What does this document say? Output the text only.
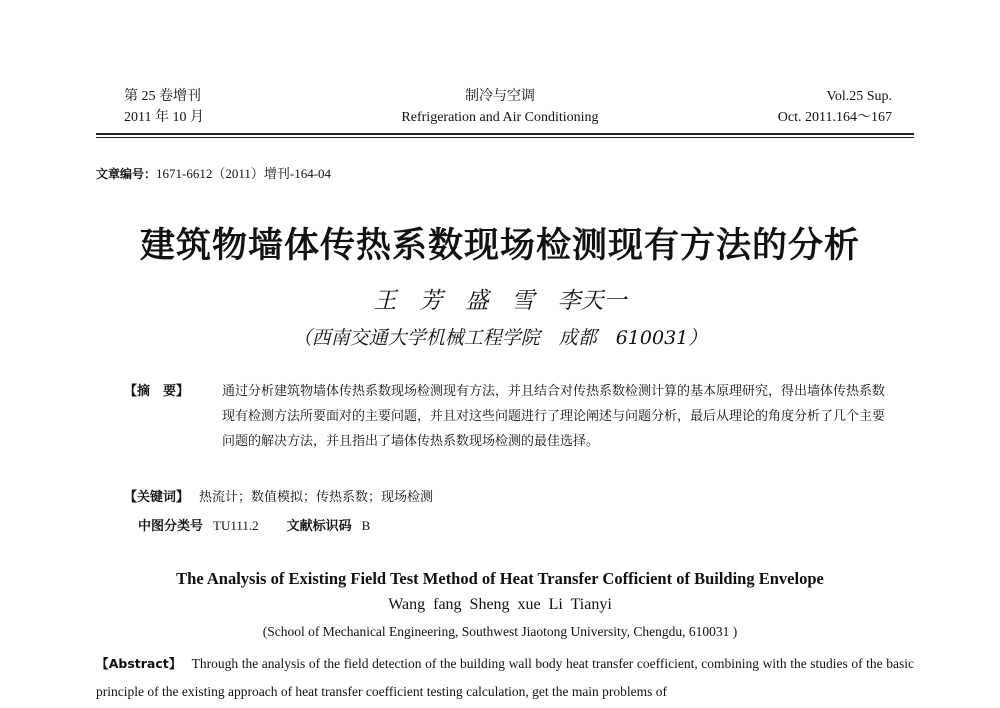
第 25 卷增刊
2011 年 10 月
制冷与空调
Refrigeration and Air Conditioning
Vol.25 Sup.
Oct. 2011.164～167
文章编号：1671-6612（2011）增刊-164-04
建筑物墙体传热系数现场检测现有方法的分析
王　芳　盛　雪　李天一
（西南交通大学机械工程学院　成都　610031）
【摘　要】	通过分析建筑物墙体传热系数现场检测现有方法，并且结合对传热系数检测计算的基本原理研究，得出墙体传热系数现有检测方法所要面对的主要问题，并且对这些问题进行了理论阐述与问题分析，最后从理论的角度分析了几个主要问题的解决方法，并且指出了墙体传热系数现场检测的最佳选择。
【关键词】 热流计；数值模拟；传热系数；现场检测
中图分类号 TU111.2 文献标识码 B
The Analysis of Existing Field Test Method of Heat Transfer Cofficient of Building Envelope
Wang fang Sheng xue Li Tianyi
(School of Mechanical Engineering, Southwest Jiaotong University, Chengdu, 610031 )
【Abstract】 Through the analysis of the field detection of the building wall body heat transfer coefficient, combining with the studies of the basic principle of the existing approach of heat transfer coefficient testing calculation, get the main problems of
